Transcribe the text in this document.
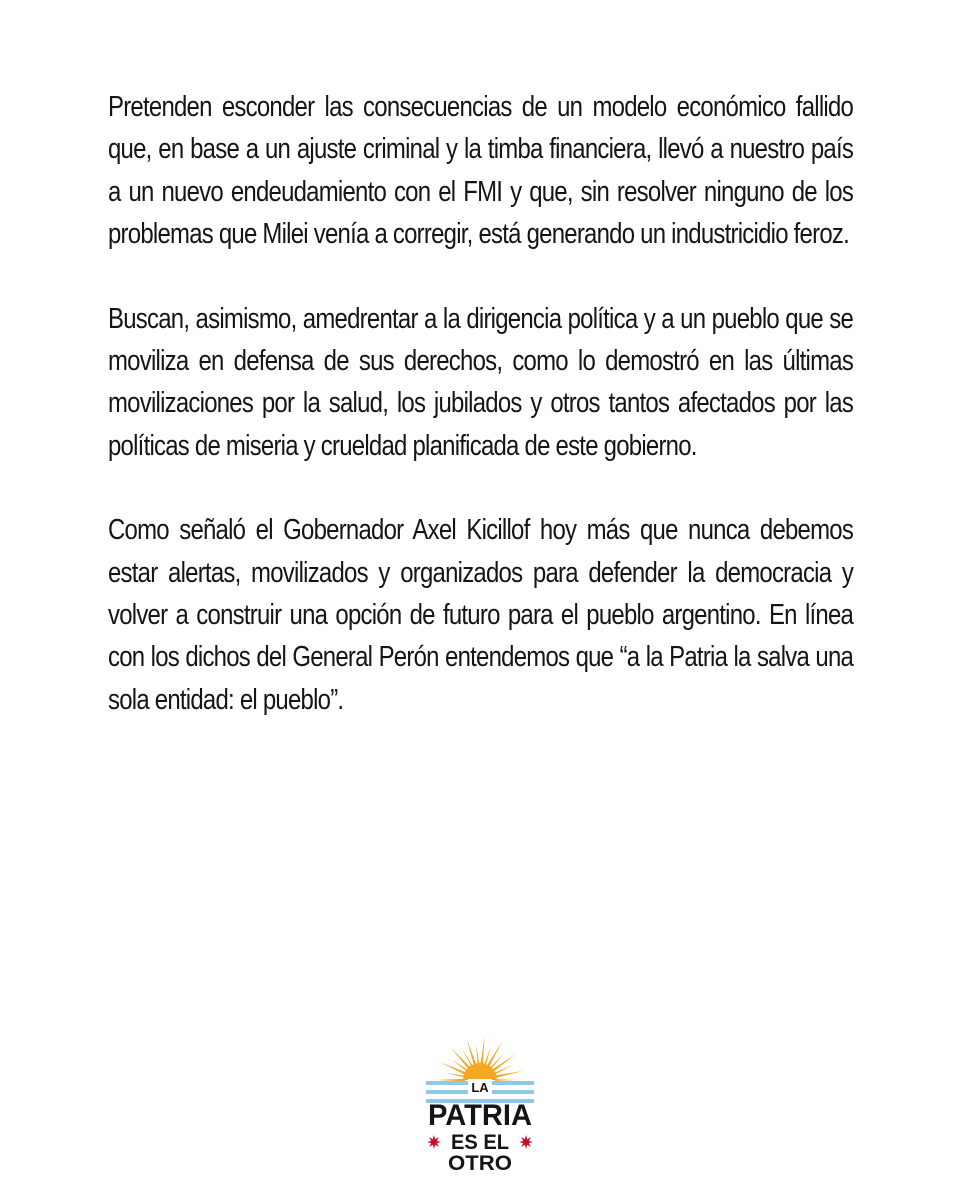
Pretenden esconder las consecuencias de un modelo económico fallido que, en base a un ajuste criminal y la timba financiera, llevó a nuestro país a un nuevo endeudamiento con el FMI y que, sin resolver ninguno de los problemas que Milei venía a corregir, está generando un industricidio feroz.

Buscan, asimismo, amedrentar a la dirigencia política y a un pueblo que se moviliza en defensa de sus derechos, como lo demostró en las últimas movilizaciones por la salud, los jubilados y otros tantos afectados por las políticas de miseria y crueldad planificada de este gobierno.

Como señaló el Gobernador Axel Kicillof hoy más que nunca debemos estar alertas, movilizados y organizados para defender la democracia y volver a construir una opción de futuro para el pueblo argentino. En línea con los dichos del General Perón entendemos que “a la Patria la salva una sola entidad: el pueblo”.

LA
PATRIA
ES EL
OTRO
